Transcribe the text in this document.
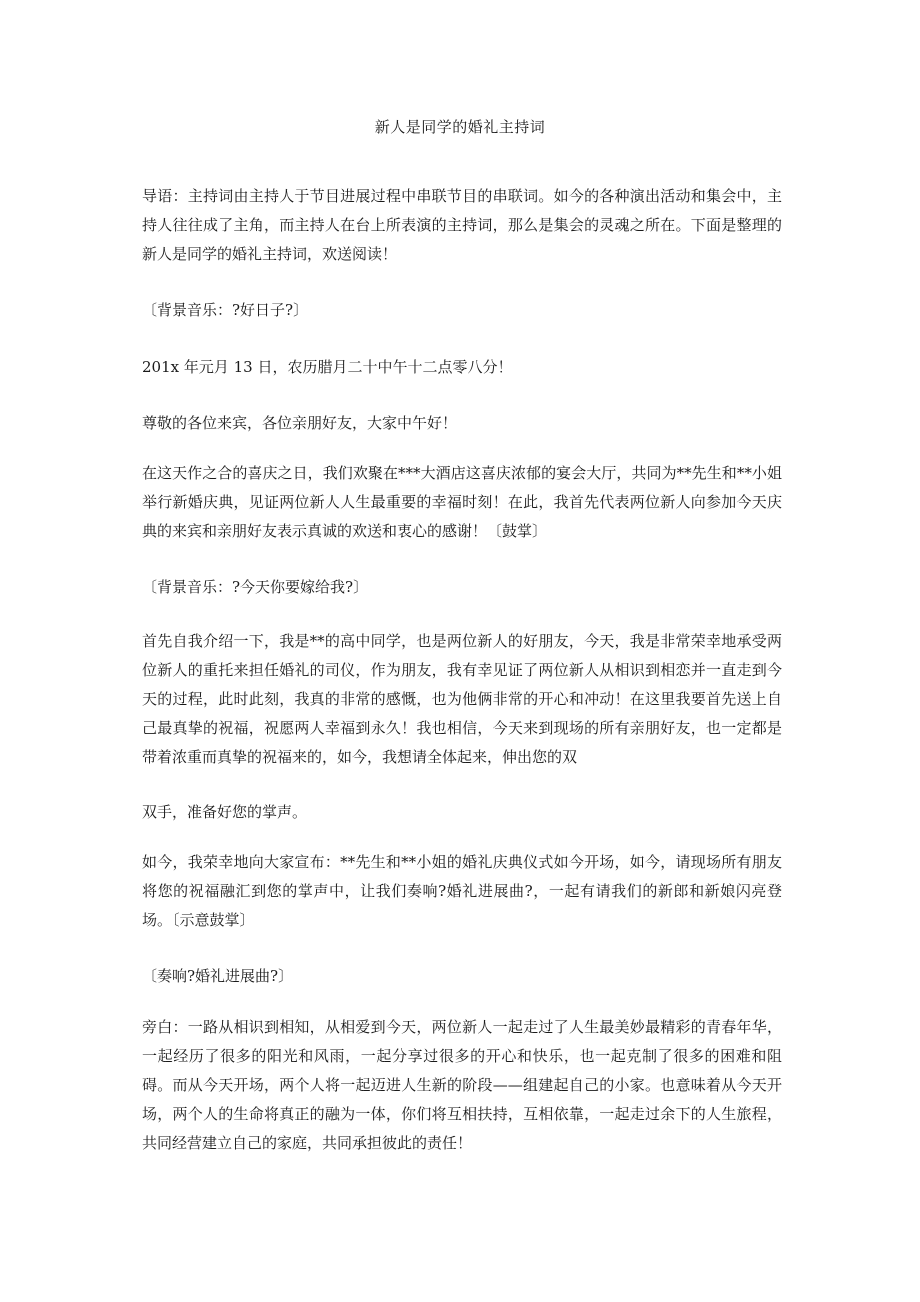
新人是同学的婚礼主持词

导语：主持词由主持人于节目进展过程中串联节目的串联词。如今的各种演出活动和集会中，主持人往往成了主角，而主持人在台上所表演的主持词，那么是集会的灵魂之所在。下面是整理的新人是同学的婚礼主持词，欢送阅读！

〔背景音乐：?好日子?〕

201x 年元月 13 日，农历腊月二十中午十二点零八分！

尊敬的各位来宾，各位亲朋好友，大家中午好！

在这天作之合的喜庆之日，我们欢聚在***大酒店这喜庆浓郁的宴会大厅，共同为**先生和**小姐举行新婚庆典，见证两位新人人生最重要的幸福时刻！在此，我首先代表两位新人向参加今天庆典的来宾和亲朋好友表示真诚的欢送和衷心的感谢！〔鼓掌〕

〔背景音乐：?今天你要嫁给我?〕

首先自我介绍一下，我是**的高中同学，也是两位新人的好朋友，今天，我是非常荣幸地承受两位新人的重托来担任婚礼的司仪，作为朋友，我有幸见证了两位新人从相识到相恋并一直走到今天的过程，此时此刻，我真的非常的感慨，也为他俩非常的开心和冲动！在这里我要首先送上自己最真挚的祝福，祝愿两人幸福到永久！我也相信，今天来到现场的所有亲朋好友，也一定都是带着浓重而真挚的祝福来的，如今，我想请全体起来，伸出您的双

双手，准备好您的掌声。

如今，我荣幸地向大家宣布：**先生和**小姐的婚礼庆典仪式如今开场，如今，请现场所有朋友将您的祝福融汇到您的掌声中，让我们奏响?婚礼进展曲?，一起有请我们的新郎和新娘闪亮登场。〔示意鼓掌〕

〔奏响?婚礼进展曲?〕

旁白：一路从相识到相知，从相爱到今天，两位新人一起走过了人生最美妙最精彩的青春年华，一起经历了很多的阳光和风雨，一起分享过很多的开心和快乐，也一起克制了很多的困难和阻碍。而从今天开场，两个人将一起迈进人生新的阶段——组建起自己的小家。也意味着从今天开场，两个人的生命将真正的融为一体，你们将互相扶持，互相依靠，一起走过余下的人生旅程，共同经营建立自己的家庭，共同承担彼此的责任！
